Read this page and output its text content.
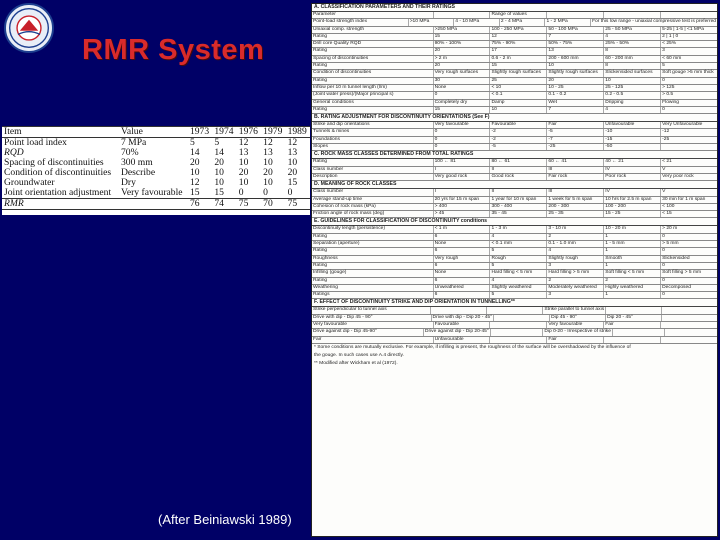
RMR System
Item	Value	1973	1974	1976	1979	1989
Point load index	7 MPa	5	5	12	12	12
RQD	70%	14	14	13	13	13
Spacing of discontinuities	300 mm	20	20	10	10	10
Condition of discontinuities	Describe	10	10	20	20	20
Groundwater	Dry	12	10	10	10	15
Joint orientation adjustment	Very favourable	15	15	0	0	0
RMR		76	74	75	70	75
A. CLASSIFICATION PARAMETERS AND THEIR RATINGS
Parameter	Range of values
Point-load strength index	>10 MPa	4 - 10 MPa	2 - 4 MPa	1 - 2 MPa	For this low range - uniaxial compressive test is preferred
Uniaxial comp. strength	>250 MPa	100 - 250 MPa	50 - 100 MPa	25 - 50 MPa	5-25 | 1-5 | <1 MPa
Rating	15	12	7	4	2 | 1 | 0
Drill core Quality RQD	90% - 100%	75% - 90%	50% - 75%	25% - 50%	< 25%
Rating	20	17	13	8	3
Spacing of discontinuities	> 2 m	0.6 - 2 m	200 - 600 mm	60 - 200 mm	< 60 mm
Rating	20	15	10	8	5
Condition of discontinuities	Very rough surfaces	Slightly rough surfaces	Slightly rough surfaces	Slickensided surfaces	Soft gouge >5 mm thick
Rating	30	25	20	10	0
Inflow per 10 m tunnel length (l/m)	None	< 10	10 - 25	25 - 125	> 125
(Joint water press)/(Major principal s)	0	< 0.1	0.1 - 0.2	0.2 - 0.5	> 0.5
General conditions	Completely dry	Damp	Wet	Dripping	Flowing
Rating	15	10	7	4	0
B. RATING ADJUSTMENT FOR DISCONTINUITY ORIENTATIONS (See F)
Strike and dip orientations	Very favourable	Favourable	Fair	Unfavourable	Very Unfavourable
Tunnels & mines	0	-2	-5	-10	-12
Foundations	0	-2	-7	-15	-25
Slopes	0	-5	-25	-50
C. ROCK MASS CLASSES DETERMINED FROM TOTAL RATINGS
Rating	100 ← 81	80 ← 61	60 ← 41	40 ← 21	< 21
Class number	I	II	III	IV	V
Description	Very good rock	Good rock	Fair rock	Poor rock	Very poor rock
D. MEANING OF ROCK CLASSES
Class number	I	II	III	IV	V
Average stand-up time	20 yrs for 15 m span	1 year for 10 m span	1 week for 5 m span	10 hrs for 2.5 m span	30 min for 1 m span
Cohesion of rock mass (kPa)	> 400	300 - 400	200 - 300	100 - 200	< 100
Friction angle of rock mass (deg)	> 45	35 - 45	25 - 35	15 - 25	< 15
E. GUIDELINES FOR CLASSIFICATION OF DISCONTINUITY conditions
Discontinuity length (persistence)	< 1 m	1 - 3 m	3 - 10 m	10 - 20 m	> 20 m
Rating	6	4	2	1	0
Separation (aperture)	None	< 0.1 mm	0.1 - 1.0 mm	1 - 5 mm	> 5 mm
Rating	6	5	4	1	0
Roughness	Very rough	Rough	Slightly rough	Smooth	Slickensided
Rating	6	5	3	1	0
Infilling (gouge)	None	Hard filling < 5 mm	Hard filling > 5 mm	Soft filling < 5 mm	Soft filling > 5 mm
Rating	6	4	2	2	0
Weathering	Unweathered	Slightly weathered	Moderately weathered	Highly weathered	Decomposed
Ratings	6	5	3	1	0
F. EFFECT OF DISCONTINUITY STRIKE AND DIP ORIENTATION IN TUNNELLING**
Strike perpendicular to tunnel axis	Strike parallel to tunnel axis
Drive with dip - Dip 45 - 90°	Drive with dip - Dip 20 - 45°	Dip 45 - 90°	Dip 20 - 45°
Very favourable	Favourable	Very favourable	Fair
Drive against dip - Dip 45-90°	Drive against dip - Dip 20-45°	Dip 0-20 - Irrespective of strike
Fair	Unfavourable	Fair
* Some conditions are mutually exclusive. For example, if infilling is present, the roughness of the surface will be overshadowed by the influence of
the gouge. In such cases use A.4 directly.
** Modified after Wickham et al (1972).
(After Beiniawski 1989)
